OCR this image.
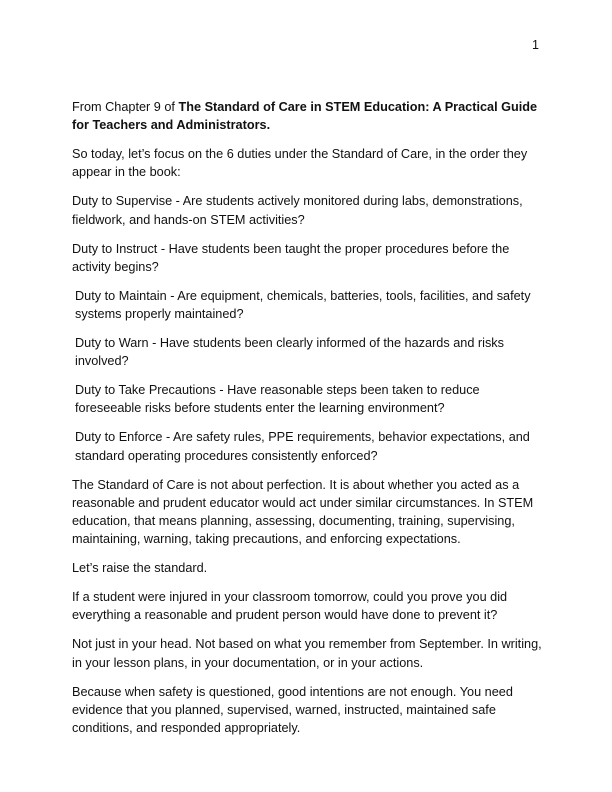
1

From Chapter 9 of The Standard of Care in STEM Education: A Practical Guide for Teachers and Administrators.

So today, let’s focus on the 6 duties under the Standard of Care, in the order they appear in the book:

Duty to Supervise - Are students actively monitored during labs, demonstrations, fieldwork, and hands-on STEM activities?

Duty to Instruct - Have students been taught the proper procedures before the activity begins?

Duty to Maintain - Are equipment, chemicals, batteries, tools, facilities, and safety systems properly maintained?

Duty to Warn - Have students been clearly informed of the hazards and risks involved?

Duty to Take Precautions - Have reasonable steps been taken to reduce foreseeable risks before students enter the learning environment?

Duty to Enforce - Are safety rules, PPE requirements, behavior expectations, and standard operating procedures consistently enforced?

The Standard of Care is not about perfection. It is about whether you acted as a reasonable and prudent educator would act under similar circumstances. In STEM education, that means planning, assessing, documenting, training, supervising, maintaining, warning, taking precautions, and enforcing expectations.

Let’s raise the standard.

If a student were injured in your classroom tomorrow, could you prove you did everything a reasonable and prudent person would have done to prevent it?

Not just in your head. Not based on what you remember from September. In writing, in your lesson plans, in your documentation, or in your actions.

Because when safety is questioned, good intentions are not enough. You need evidence that you planned, supervised, warned, instructed, maintained safe conditions, and responded appropriately.
